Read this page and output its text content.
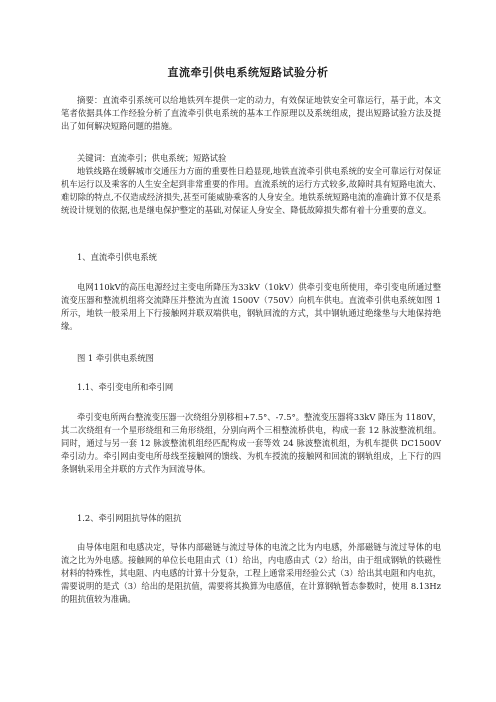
直流牵引供电系统短路试验分析

摘要：直流牵引系统可以给地铁列车提供一定的动力，有效保证地铁安全可靠运行，基于此，本文笔者依据具体工作经验分析了直流牵引供电系统的基本工作原理以及系统组成，提出短路试验方法及提出了如何解决短路问题的措施。

关键词：直流牵引；供电系统；短路试验

地铁线路在缓解城市交通压力方面的重要性日趋显现,地铁直流牵引供电系统的安全可靠运行对保证机车运行以及乘客的人生安全起到非常重要的作用。直流系统的运行方式较多,故障时具有短路电流大、难切除的特点,不仅造成经济损失,甚至可能威胁乘客的人身安全。地铁系统短路电流的准确计算不仅是系统设计规划的依据,也是继电保护整定的基础,对保证人身安全、降低故障损失都有着十分重要的意义。

1、直流牵引供电系统

电网110kV的高压电源经过主变电所降压为33kV（10kV）供牵引变电所使用，牵引变电所通过整流变压器和整流机组将交流降压并整流为直流 1500V（750V）向机车供电。直流牵引供电系统如图 1 所示，地铁一般采用上下行接触网并联双端供电，钢轨回流的方式，其中钢轨通过绝缘垫与大地保持绝缘。

图 1 牵引供电系统图

1.1、牵引变电所和牵引网

牵引变电所两台整流变压器一次绕组分别移相+7.5°、-7.5°。整流变压器将33kV 降压为 1180V，其二次绕组有一个星形绕组和三角形绕组，分别向两个三相整流桥供电，构成一套 12 脉波整流机组。同时，通过与另一套 12 脉波整流机组经匹配构成一套等效 24 脉波整流机组，为机车提供 DC1500V 牵引动力。牵引网由变电所母线至接触网的馈线、为机车授流的接触网和回流的钢轨组成，上下行的四条钢轨采用全并联的方式作为回流导体。

1.2、牵引网阻抗导体的阻抗

由导体电阻和电感决定，导体内部磁链与流过导体的电流之比为内电感，外部磁链与流过导体的电流之比为外电感。接触网的单位长电阻由式（1）给出，内电感由式（2）给出，由于组成钢轨的铁磁性材料的特殊性，其电阻、内电感的计算十分复杂，工程上通常采用经验公式（3）给出其电阻和内电抗，需要说明的是式（3）给出的是阻抗值，需要将其换算为电感值，在计算钢轨暂态参数时，使用 8.13Hz 的阻抗值较为准确。
